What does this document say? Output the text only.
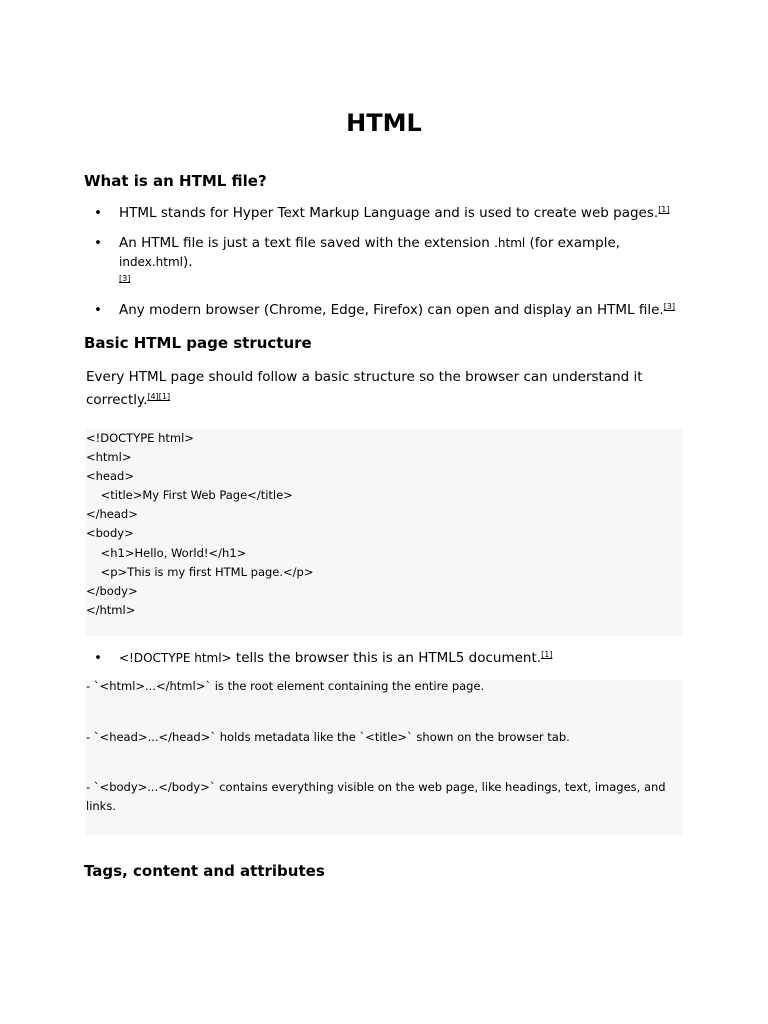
HTML
What is an HTML file?
• HTML stands for Hyper Text Markup Language and is used to create web pages.[1]
• An HTML file is just a text file saved with the extension .html (for example, index.html).
[3]
• Any modern browser (Chrome, Edge, Firefox) can open and display an HTML file.[3]
Basic HTML page structure

Every HTML page should follow a basic structure so the browser can understand it correctly.[4][1]

<!DOCTYPE html>
<html>
<head>
<title>My First Web Page</title>
</head>
<body>
<h1>Hello, World!</h1>
<p>This is my first HTML page.</p>
</body>
</html>
• <!DOCTYPE html> tells the browser this is an HTML5 document.[1]
- `<html>...</html>` is the root element containing the entire page.
- `<head>...</head>` holds metadata like the `<title>` shown on the browser tab.
- `<body>...</body>` contains everything visible on the web page, like headings, text, images, and links.
Tags, content and attributes
